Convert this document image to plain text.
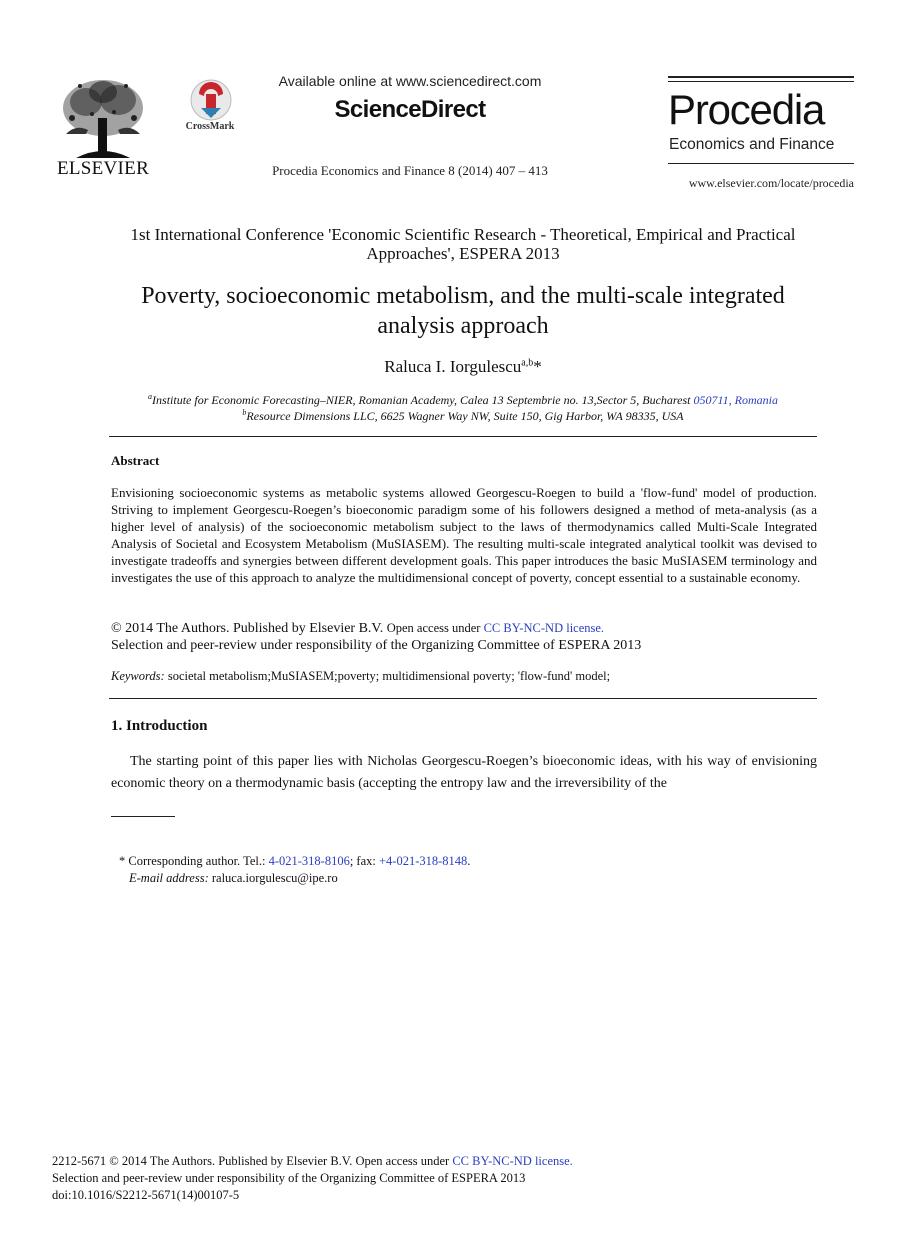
ELSEVIER
CrossMark
Available online at www.sciencedirect.com
ScienceDirect
Procedia Economics and Finance 8 (2014) 407 – 413
Procedia
Economics and Finance
www.elsevier.com/locate/procedia
1st International Conference 'Economic Scientific Research - Theoretical, Empirical and Practical
Approaches', ESPERA 2013
Poverty, socioeconomic metabolism, and the multi-scale integrated
analysis approach
Raluca I. Iorgulescu$^{a,b}$*
$^a$Institute for Economic Forecasting–NIER, Romanian Academy, Calea 13 Septembrie no. 13,Sector 5, Bucharest 050711, Romania
$^b$Resource Dimensions LLC, 6625 Wagner Way NW, Suite 150, Gig Harbor, WA 98335, USA
Abstract
Envisioning socioeconomic systems as metabolic systems allowed Georgescu-Roegen to build a 'flow-fund' model of production. Striving to implement Georgescu-Roegen’s bioeconomic paradigm some of his followers designed a method of meta-analysis (as a higher level of analysis) of the socioeconomic metabolism subject to the laws of thermodynamics called Multi-Scale Integrated Analysis of Societal and Ecosystem Metabolism (MuSIASEM). The resulting multi-scale integrated analytical toolkit was devised to investigate tradeoffs and synergies between different development goals. This paper introduces the basic MuSIASEM terminology and investigates the use of this approach to analyze the multidimensional concept of poverty, concept essential to a sustainable economy.
© 2014 The Authors. Published by Elsevier B.V. Open access under CC BY-NC-ND license.
Selection and peer-review under responsibility of the Organizing Committee of ESPERA 2013
Keywords: societal metabolism;MuSIASEM;poverty; multidimensional poverty; 'flow-fund' model;
1. Introduction
The starting point of this paper lies with Nicholas Georgescu-Roegen’s bioeconomic ideas, with his way of envisioning economic theory on a thermodynamic basis (accepting the entropy law and the irreversibility of the
* Corresponding author. Tel.: 4-021-318-8106; fax: +4-021-318-8148.
E-mail address: raluca.iorgulescu@ipe.ro
2212-5671 © 2014 The Authors. Published by Elsevier B.V. Open access under CC BY-NC-ND license.
Selection and peer-review under responsibility of the Organizing Committee of ESPERA 2013
doi:10.1016/S2212-5671(14)00107-5
